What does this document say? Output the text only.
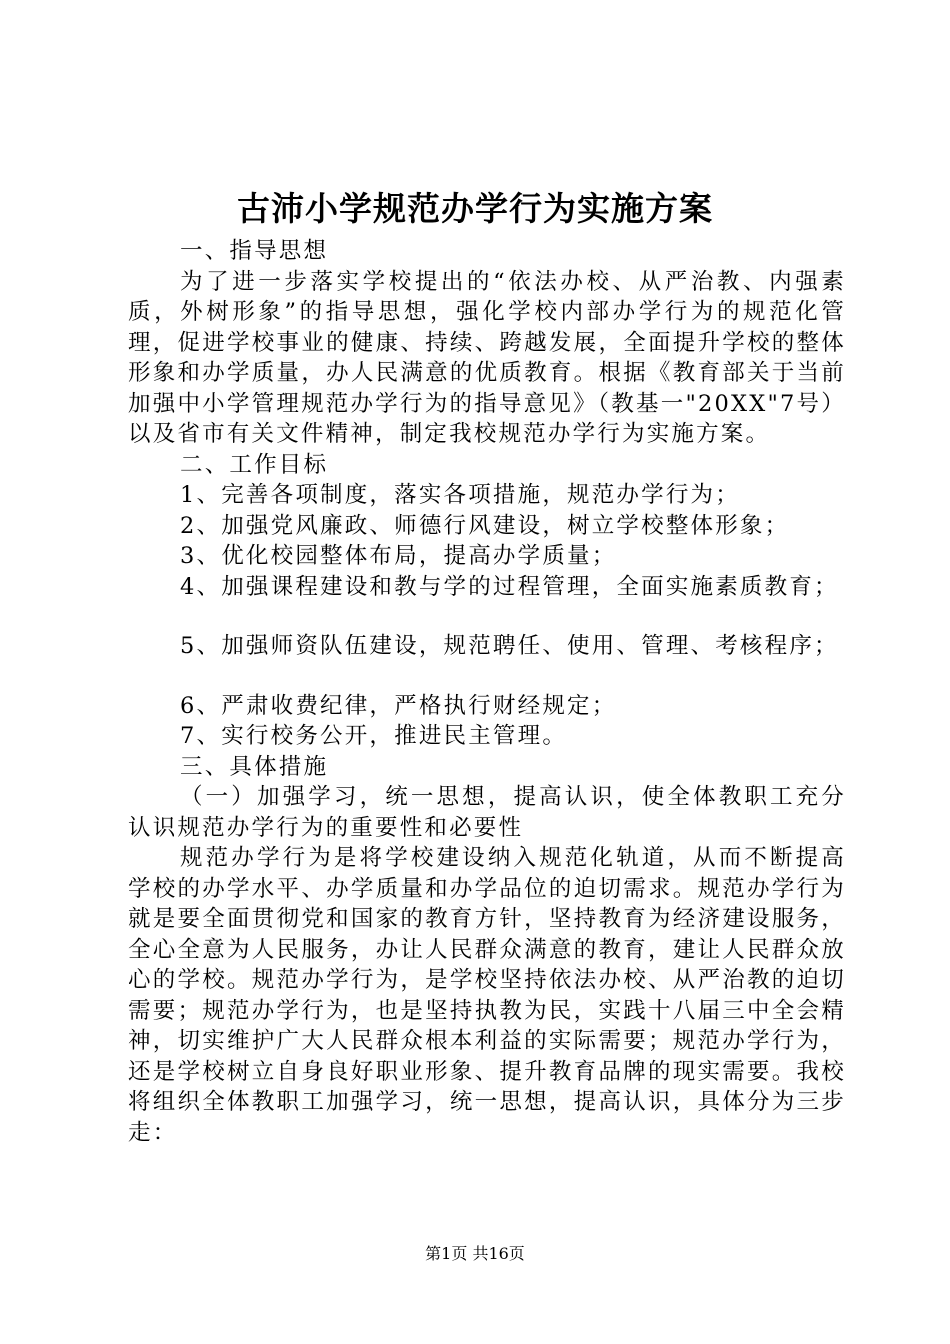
古沛小学规范办学行为实施方案

一、指导思想

为了进一步落实学校提出的“依法办校、从严治教、内强素质，外树形象”的指导思想，强化学校内部办学行为的规范化管理，促进学校事业的健康、持续、跨越发展，全面提升学校的整体形象和办学质量，办人民满意的优质教育。根据《教育部关于当前加强中小学管理规范办学行为的指导意见》（教基一"20XX"7号）以及省市有关文件精神，制定我校规范办学行为实施方案。

二、工作目标

1、完善各项制度，落实各项措施，规范办学行为；

2、加强党风廉政、师德行风建设，树立学校整体形象；

3、优化校园整体布局，提高办学质量；

4、加强课程建设和教与学的过程管理，全面实施素质教育；

5、加强师资队伍建设，规范聘任、使用、管理、考核程序；

6、严肃收费纪律，严格执行财经规定；

7、实行校务公开，推进民主管理。

三、具体措施

（一）加强学习，统一思想，提高认识，使全体教职工充分认识规范办学行为的重要性和必要性

规范办学行为是将学校建设纳入规范化轨道，从而不断提高学校的办学水平、办学质量和办学品位的迫切需求。规范办学行为就是要全面贯彻党和国家的教育方针，坚持教育为经济建设服务，全心全意为人民服务，办让人民群众满意的教育，建让人民群众放心的学校。规范办学行为，是学校坚持依法办校、从严治教的迫切需要；规范办学行为，也是坚持执教为民，实践十八届三中全会精神，切实维护广大人民群众根本利益的实际需要；规范办学行为，还是学校树立自身良好职业形象、提升教育品牌的现实需要。我校将组织全体教职工加强学习，统一思想，提高认识，具体分为三步走：

第1页 共16页
